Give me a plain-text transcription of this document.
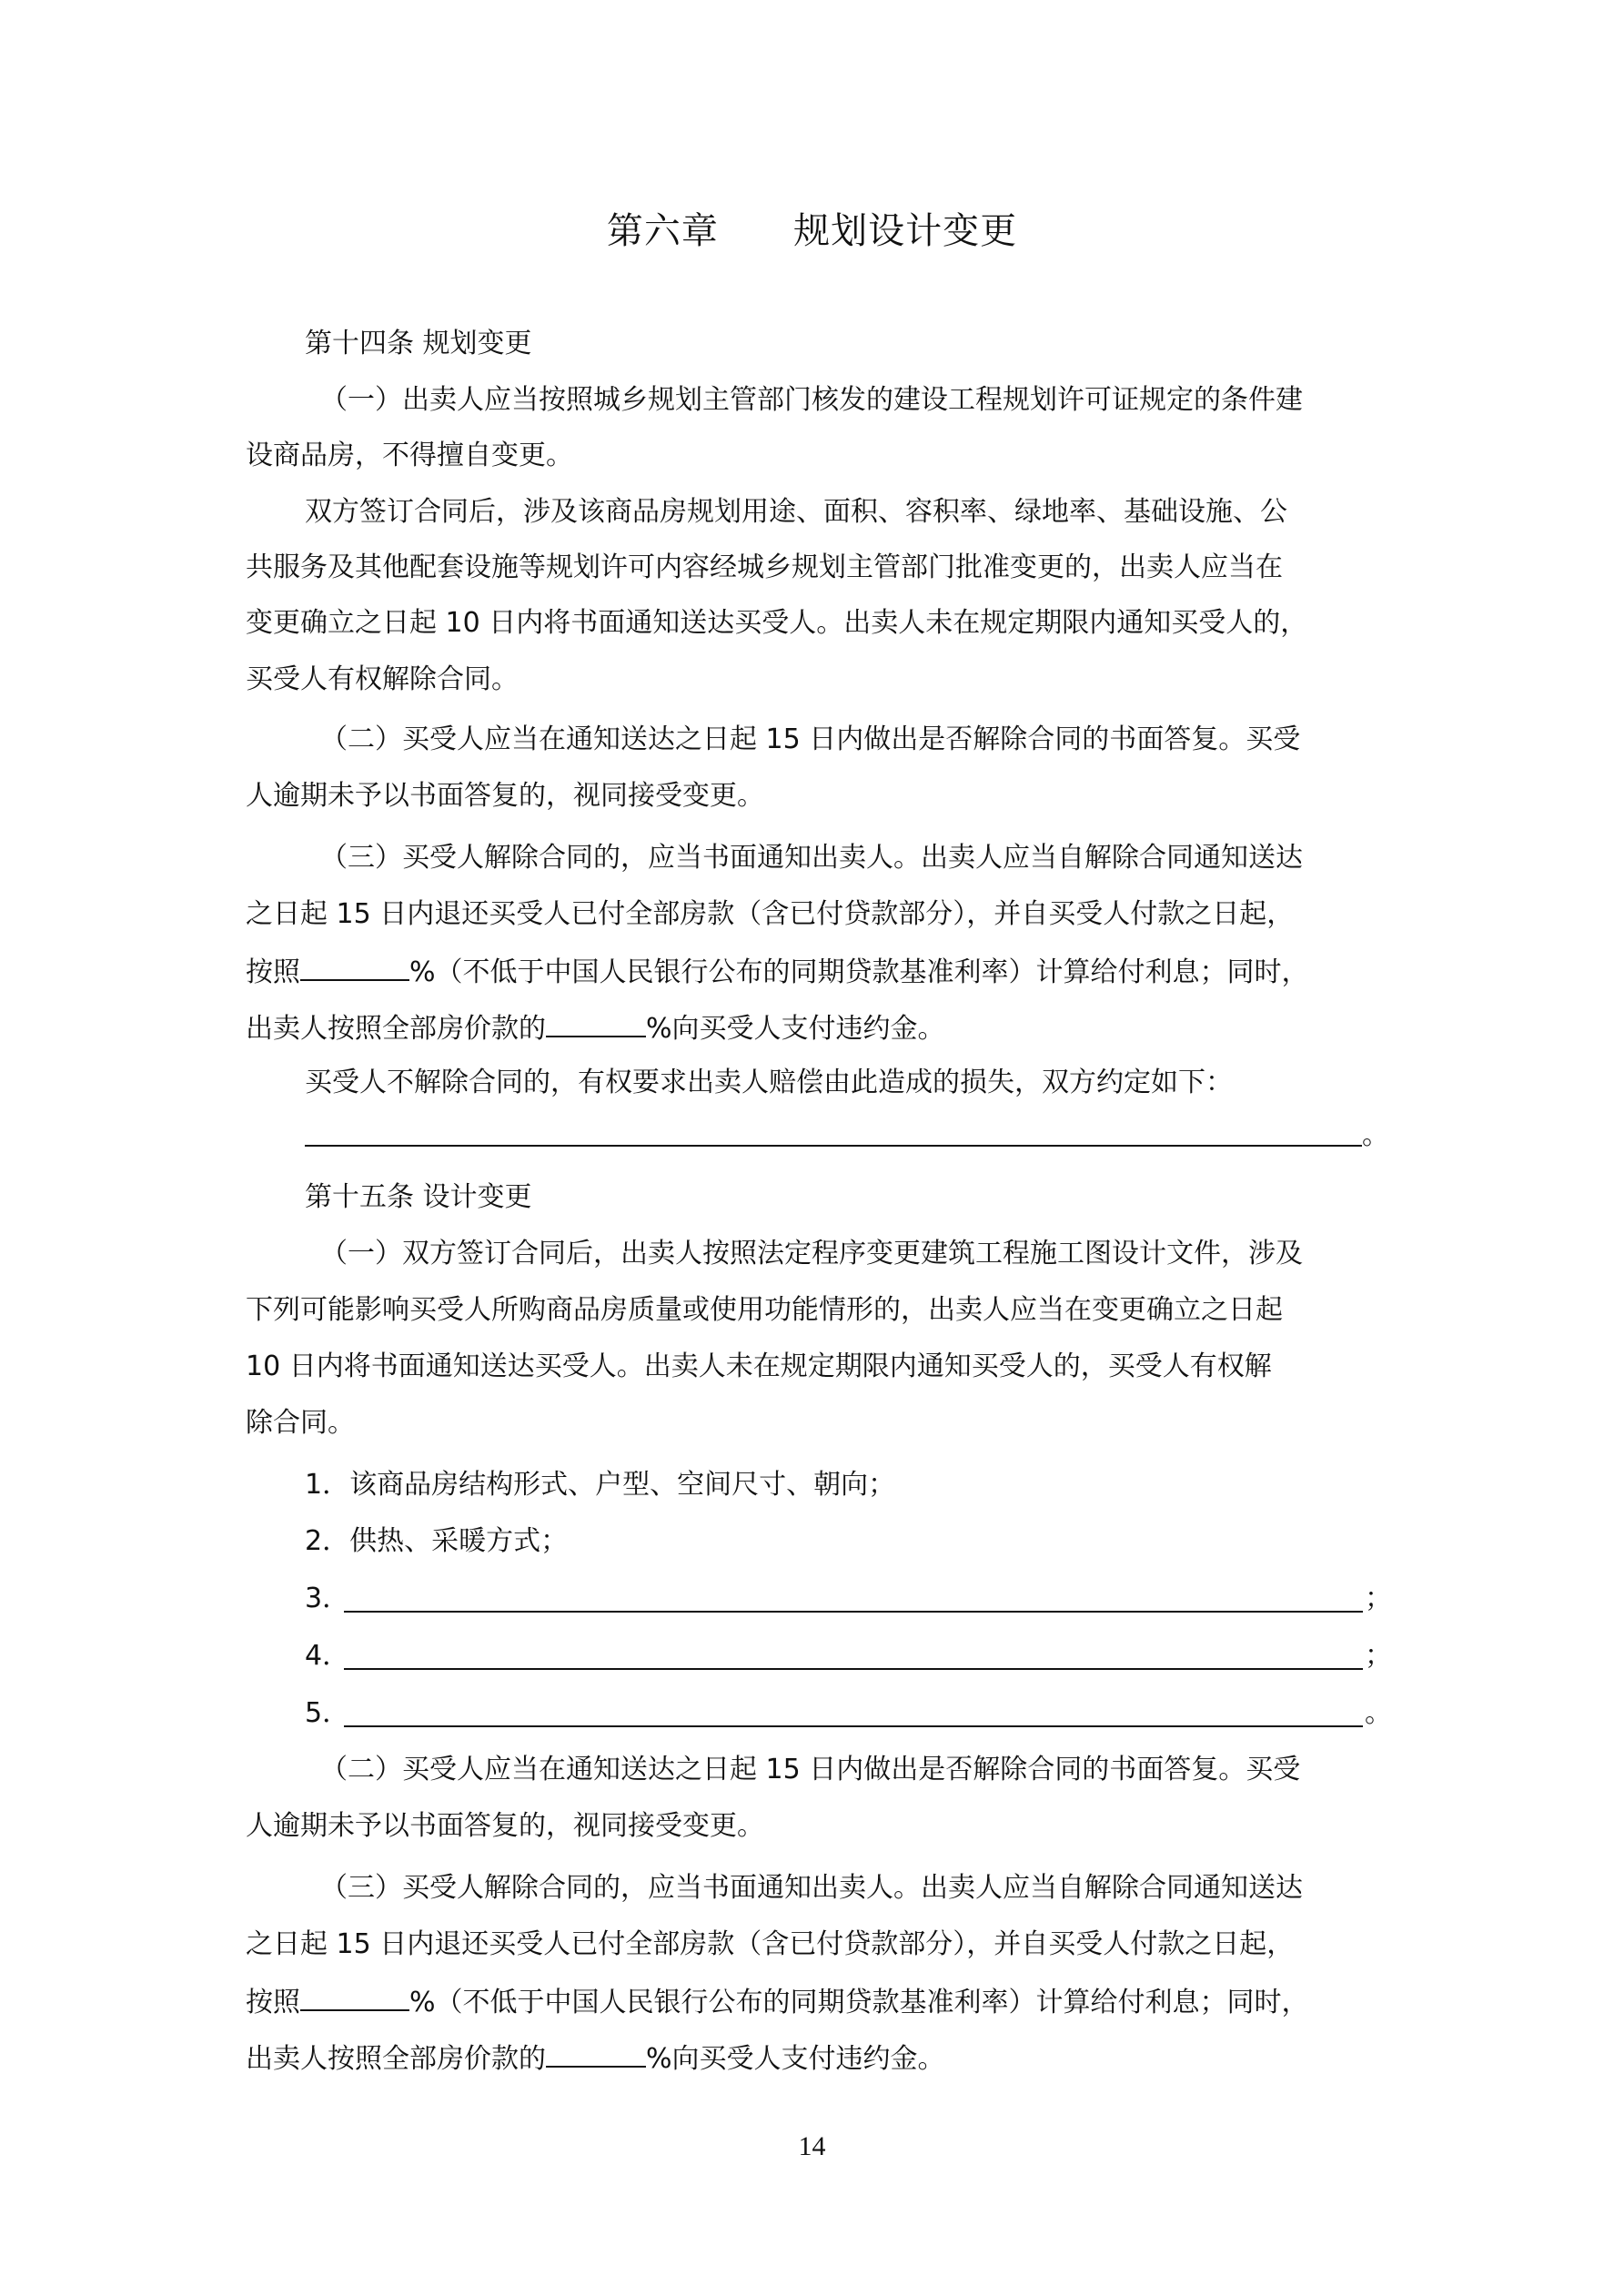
第六章      规划设计变更
第十四条 规划变更
（一）出卖人应当按照城乡规划主管部门核发的建设工程规划许可证规定的条件建
设商品房，不得擅自变更。
双方签订合同后，涉及该商品房规划用途、面积、容积率、绿地率、基础设施、公
共服务及其他配套设施等规划许可内容经城乡规划主管部门批准变更的，出卖人应当在
变更确立之日起 10 日内将书面通知送达买受人。出卖人未在规定期限内通知买受人的，
买受人有权解除合同。
（二）买受人应当在通知送达之日起 15 日内做出是否解除合同的书面答复。买受
人逾期未予以书面答复的，视同接受变更。
（三）买受人解除合同的，应当书面通知出卖人。出卖人应当自解除合同通知送达
之日起 15 日内退还买受人已付全部房款（含已付贷款部分），并自买受人付款之日起，
按照	%（不低于中国人民银行公布的同期贷款基准利率）计算给付利息；同时，
出卖人按照全部房价款的	%向买受人支付违约金。
买受人不解除合同的，有权要求出卖人赔偿由此造成的损失，双方约定如下：
。
第十五条 设计变更
（一）双方签订合同后，出卖人按照法定程序变更建筑工程施工图设计文件，涉及
下列可能影响买受人所购商品房质量或使用功能情形的，出卖人应当在变更确立之日起
10 日内将书面通知送达买受人。出卖人未在规定期限内通知买受人的，买受人有权解
除合同。
1．该商品房结构形式、户型、空间尺寸、朝向；
2．供热、采暖方式；
3．	；
4．	；
5．	。
（二）买受人应当在通知送达之日起 15 日内做出是否解除合同的书面答复。买受
人逾期未予以书面答复的，视同接受变更。
（三）买受人解除合同的，应当书面通知出卖人。出卖人应当自解除合同通知送达
之日起 15 日内退还买受人已付全部房款（含已付贷款部分），并自买受人付款之日起，
按照	%（不低于中国人民银行公布的同期贷款基准利率）计算给付利息；同时，
出卖人按照全部房价款的	%向买受人支付违约金。
14
